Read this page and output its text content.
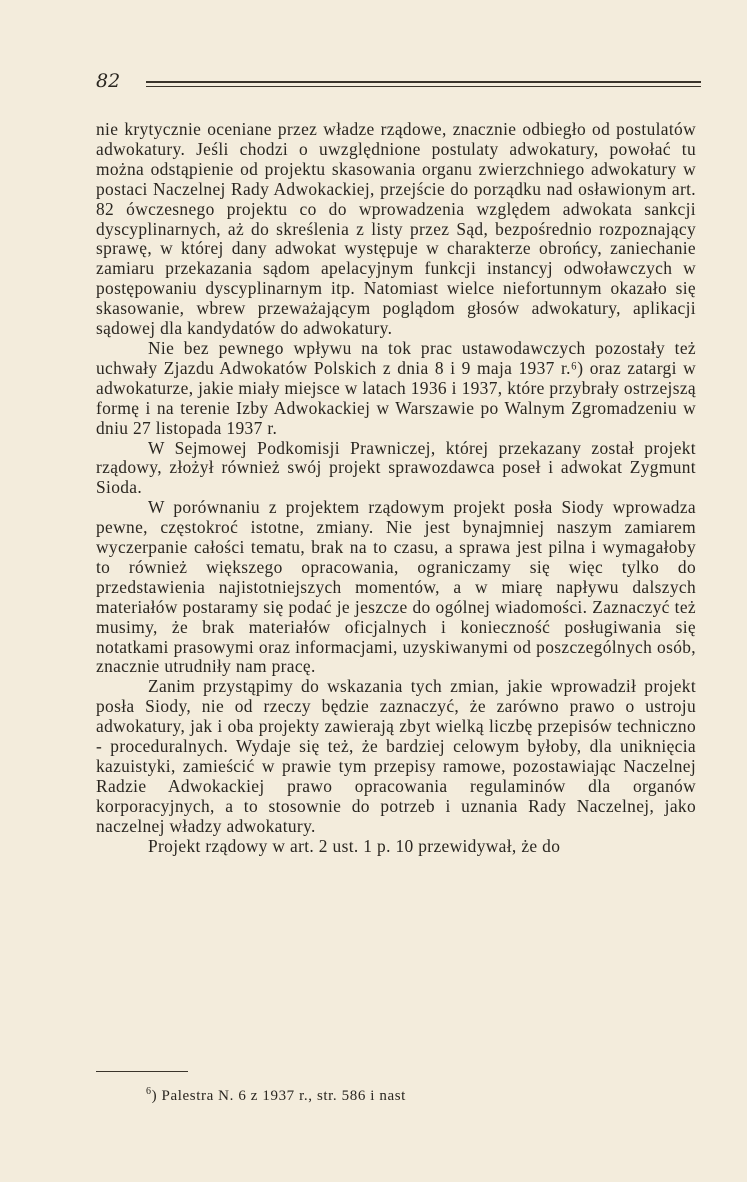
82

nie krytycznie oceniane przez władze rządowe, znacznie odbiegło od postulatów adwokatury. Jeśli chodzi o uwzględnione postulaty adwokatury, powołać tu można odstąpienie od projektu skasowania organu zwierzchniego adwokatury w postaci Naczelnej Rady Adwokackiej, przejście do porządku nad osławionym art. 82 ówczesnego projektu co do wprowadzenia względem adwokata sankcji dyscyplinarnych, aż do skreślenia z listy przez Sąd, bezpośrednio rozpoznający sprawę, w której dany adwokat występuje w charakterze obrońcy, zaniechanie zamiaru przekazania sądom apelacyjnym funkcji instancyj odwoławczych w postępowaniu dyscyplinarnym itp. Natomiast wielce niefortunnym okazało się skasowanie, wbrew przeważającym poglądom głosów adwokatury, aplikacji sądowej dla kandydatów do adwokatury.

Nie bez pewnego wpływu na tok prac ustawodawczych pozostały też uchwały Zjazdu Adwokatów Polskich z dnia 8 i 9 maja 1937 r.⁶) oraz zatargi w adwokaturze, jakie miały miejsce w latach 1936 i 1937, które przybrały ostrzejszą formę i na terenie Izby Adwokackiej w Warszawie po Walnym Zgromadzeniu w dniu 27 listopada 1937 r.

W Sejmowej Podkomisji Prawniczej, której przekazany został projekt rządowy, złożył również swój projekt sprawozdawca poseł i adwokat Zygmunt Sioda.

W porównaniu z projektem rządowym projekt posła Siody wprowadza pewne, częstokroć istotne, zmiany. Nie jest bynajmniej naszym zamiarem wyczerpanie całości tematu, brak na to czasu, a sprawa jest pilna i wymagałoby to również większego opracowania, ograniczamy się więc tylko do przedstawienia najistotniejszych momentów, a w miarę napływu dalszych materiałów postaramy się podać je jeszcze do ogólnej wiadomości. Zaznaczyć też musimy, że brak materiałów oficjalnych i konieczność posługiwania się notatkami prasowymi oraz informacjami, uzyskiwanymi od poszczególnych osób, znacznie utrudniły nam pracę.

Zanim przystąpimy do wskazania tych zmian, jakie wprowadził projekt posła Siody, nie od rzeczy będzie zaznaczyć, że zarówno prawo o ustroju adwokatury, jak i oba projekty zawierają zbyt wielką liczbę przepisów techniczno - proceduralnych. Wydaje się też, że bardziej celowym byłoby, dla uniknięcia kazuistyki, zamieścić w prawie tym przepisy ramowe, pozostawiając Naczelnej Radzie Adwokackiej prawo opracowania regulaminów dla organów korporacyjnych, a to stosownie do potrzeb i uznania Rady Naczelnej, jako naczelnej władzy adwokatury.

Projekt rządowy w art. 2 ust. 1 p. 10 przewidywał, że do

$^6$) Palestra N. 6 z 1937 r., str. 586 i nast
